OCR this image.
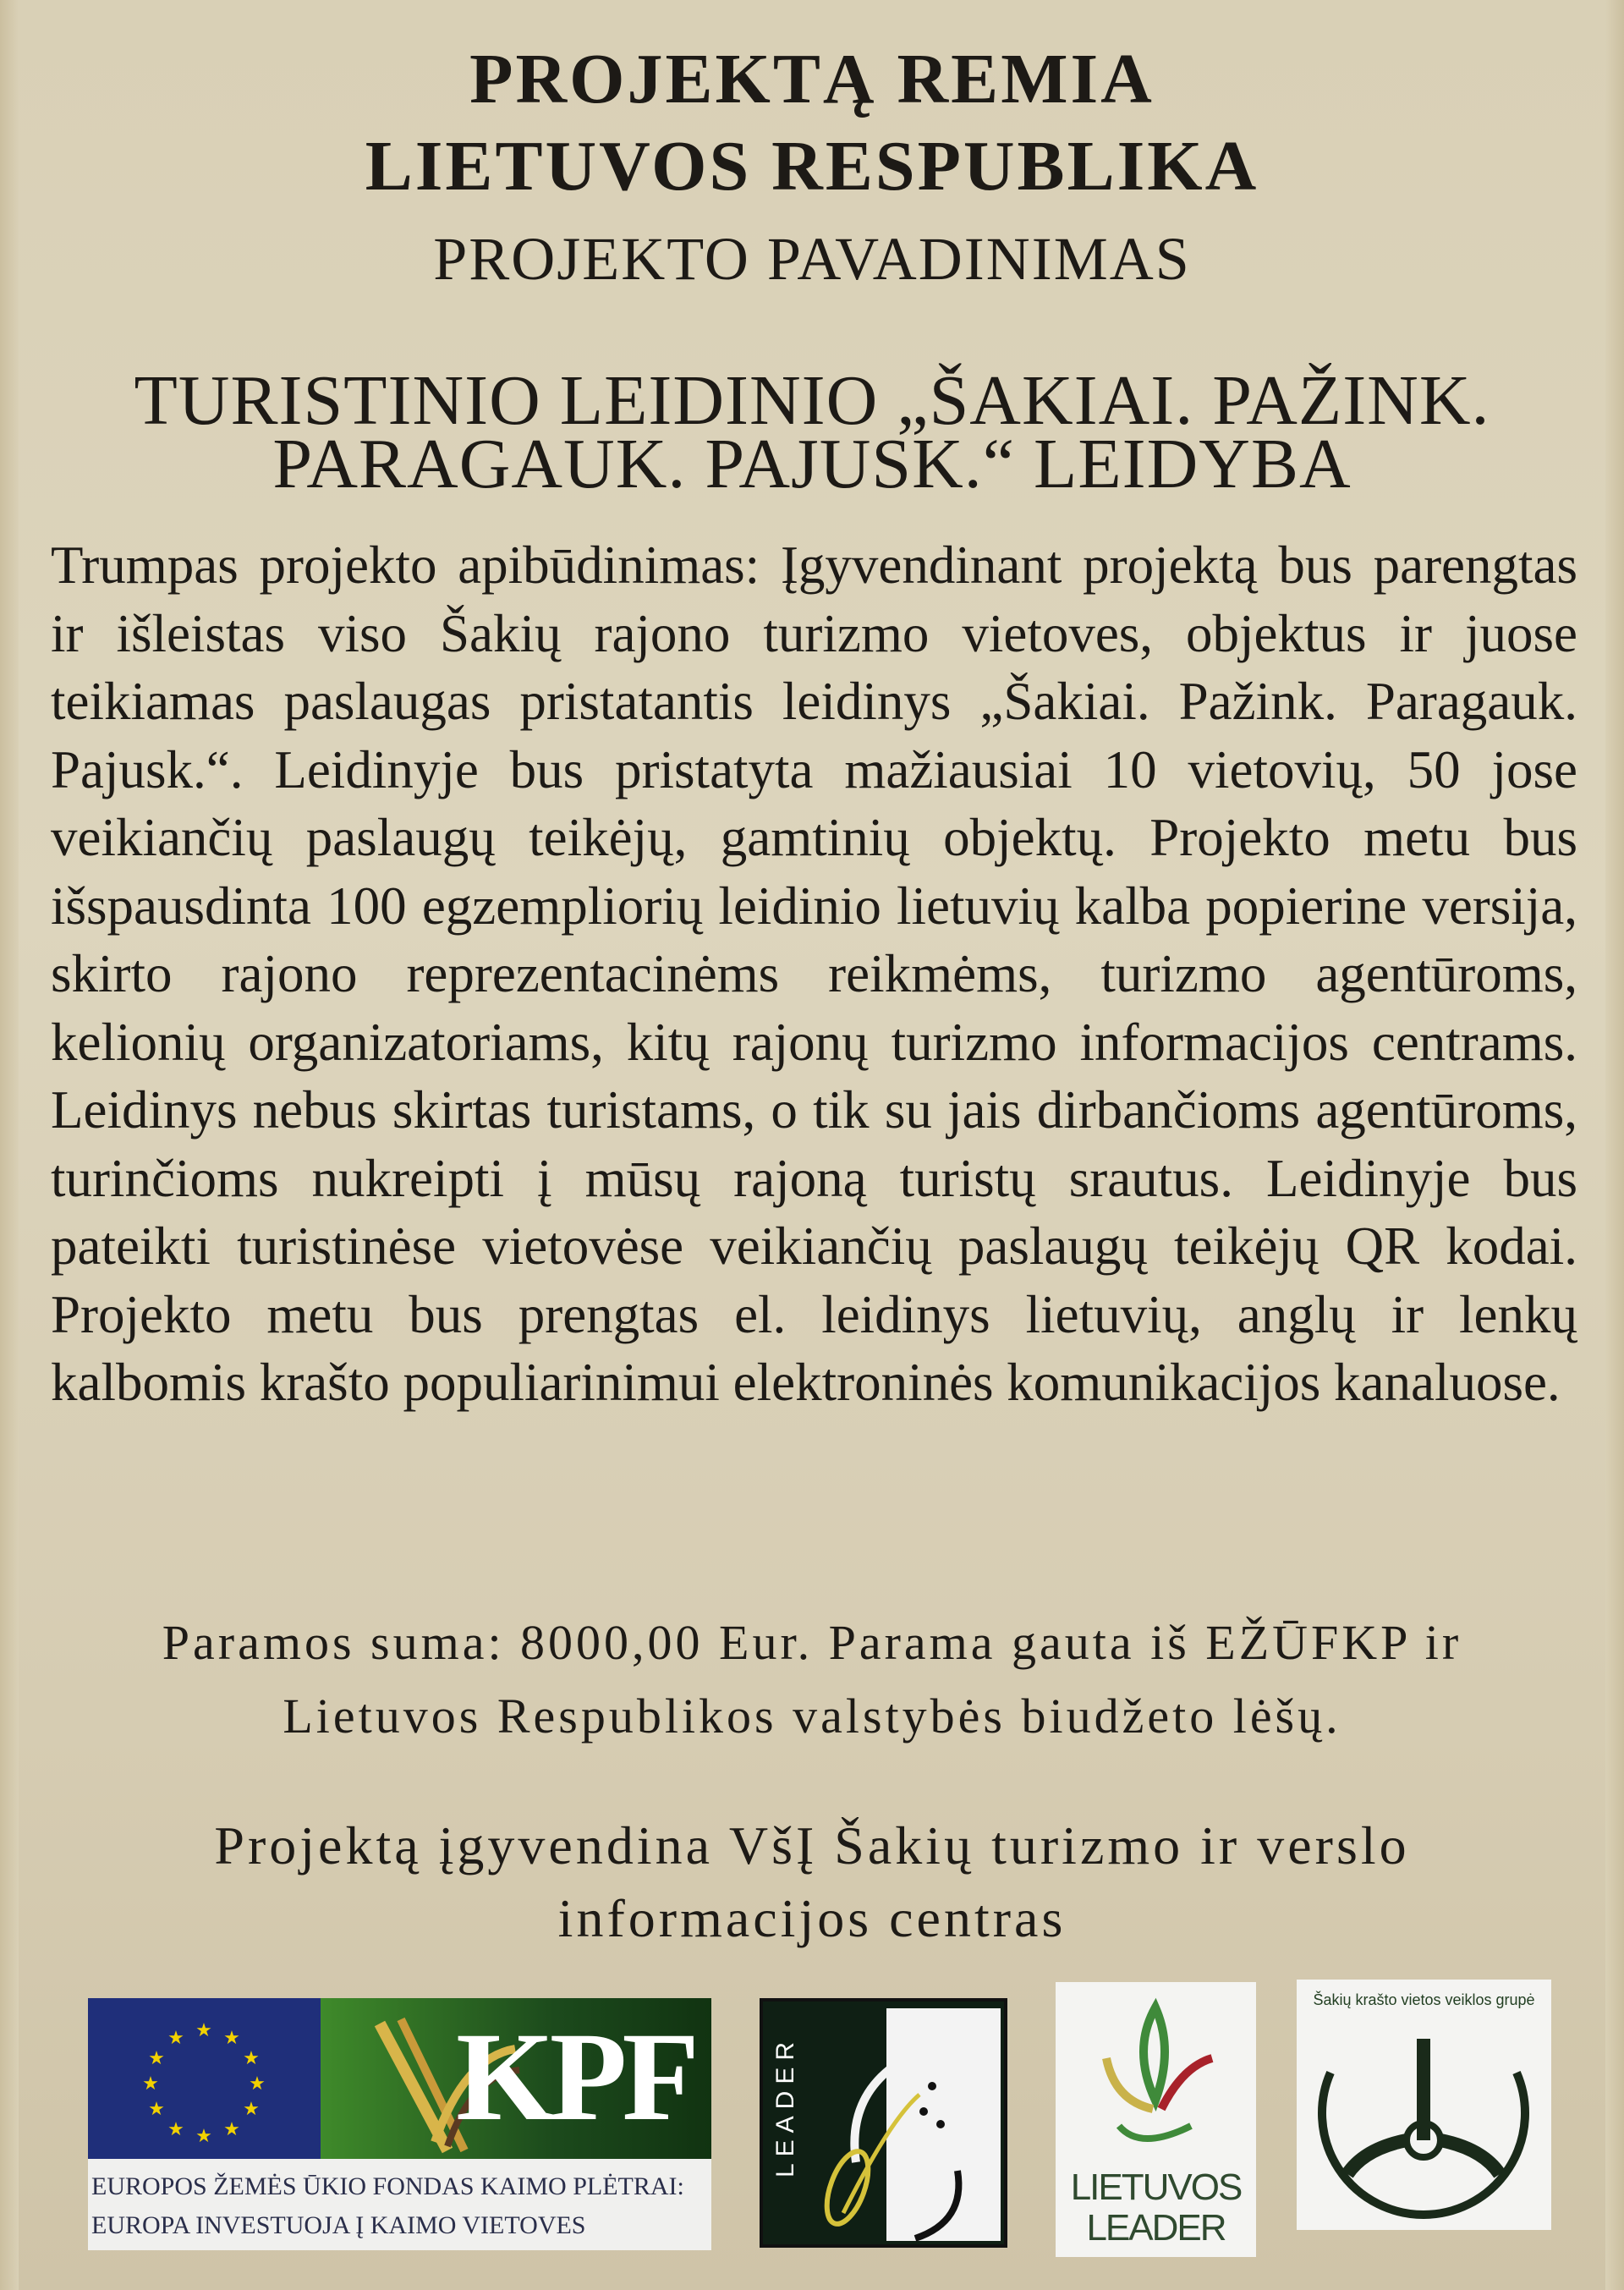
PROJEKTĄ REMIA
LIETUVOS RESPUBLIKA
PROJEKTO PAVADINIMAS
TURISTINIO LEIDINIO „ŠAKIAI. PAŽINK.
PARAGAUK. PAJUSK.“ LEIDYBA
Trumpas projekto apibūdinimas: Įgyvendinant projektą bus parengtas ir išleistas viso Šakių rajono turizmo vietoves, objektus ir juose teikiamas paslaugas pristatantis leidinys „Šakiai. Pažink. Paragauk. Pajusk.“. Leidinyje bus pristatyta mažiausiai 10 vietovių, 50 jose veikiančių paslaugų teikėjų, gamtinių objektų. Projekto metu bus išspausdinta 100 egzempliorių leidinio lietuvių kalba popierine versija, skirto rajono reprezentacinėms reikmėms, turizmo agentūroms, kelionių organizatoriams, kitų rajonų turizmo informacijos centrams. Leidinys nebus skirtas turistams, o tik su jais dirbančioms agentūroms, turinčioms nukreipti į mūsų rajoną turistų srautus. Leidinyje bus pateikti turistinėse vietovėse veikiančių paslaugų teikėjų QR kodai. Projekto metu bus prengtas el. leidinys lietuvių, anglų ir lenkų kalbomis krašto populiarinimui elektroninės komunikacijos kanaluose.
Paramos suma: 8000,00 Eur. Parama gauta iš EŽŪFKP ir
Lietuvos Respublikos valstybės biudžeto lėšų.
Projektą įgyvendina VšĮ Šakių turizmo ir verslo
informacijos centras
★ ★
★
★
★
★
★
★
★
★
★
★ KPF
EUROPOS ŽEMĖS ŪKIO FONDAS KAIMO PLĖTRAI:
EUROPA INVESTUOJA Į KAIMO VIETOVES
LEADER
LIETUVOS
LEADER
Šakių krašto vietos veiklos grupė
